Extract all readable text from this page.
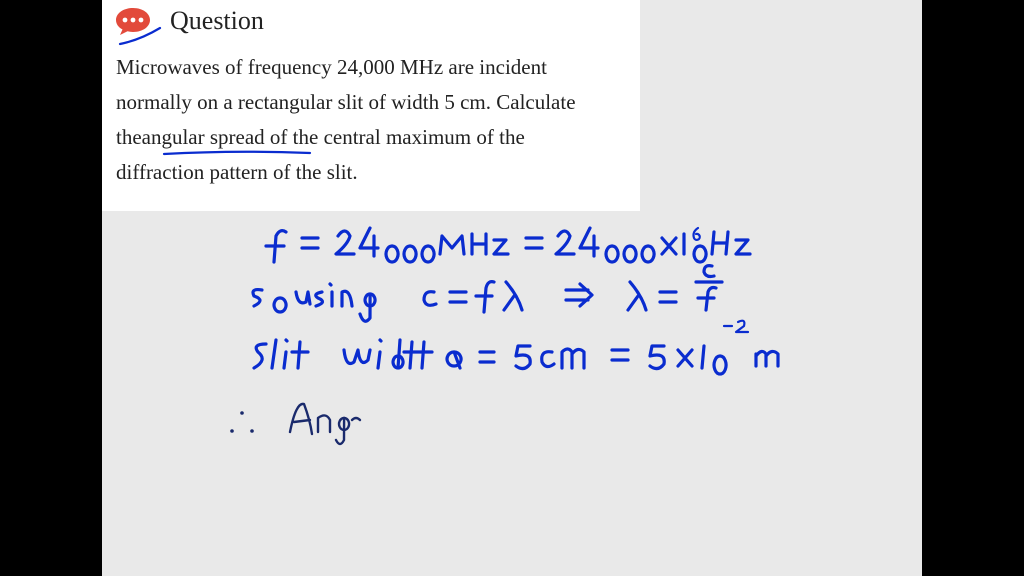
Question
Microwaves of frequency 24,000 MHz are incident
normally on a rectangular slit of width 5 cm. Calculate
theangular spread of the central maximum of the
diffraction pattern of the slit.
